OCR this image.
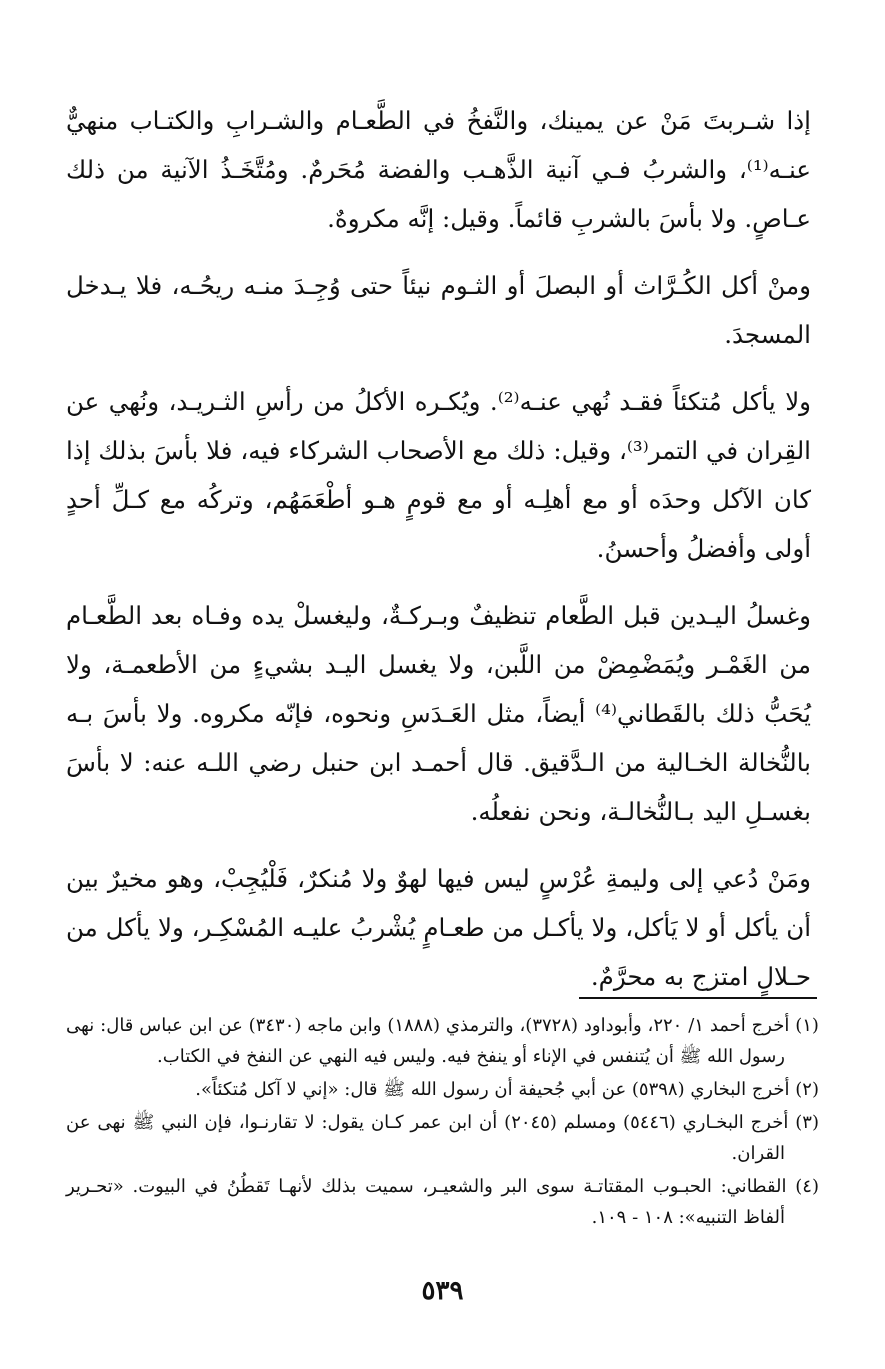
إذا شـربتَ مَنْ عن يمينك، والنَّفخُ في الطَّعـام والشـرابِ والكتـاب منهيٌّ عنـه⁽¹⁾، والشربُ فـي آنية الذَّهـب والفضة مُحَرمٌ. ومُتَّخَـذُ الآنية من ذلك عـاصٍ. ولا بأسَ بالشربِ قائماً. وقيل: إنَّه مكروهٌ.

ومنْ أكل الكُـرَّاث أو البصلَ أو الثـوم نيئاً حتى وُجِـدَ منـه ريحُـه، فلا يـدخل المسجدَ.

ولا يأكل مُتكئاً فقـد نُهي عنـه⁽²⁾. ويُكـره الأكلُ من رأسِ الثـريـد، ونُهي عن القِران في التمر⁽³⁾، وقيل: ذلك مع الأصحاب الشركاء فيه، فلا بأسَ بذلك إذا كان الآكل وحدَه أو مع أهلِـه أو مع قومٍ هـو أطْعَمَهُم، وتركُه مع كـلِّ أحدٍ أولى وأفضلُ وأحسنُ.

وغسلُ اليـدين قبل الطَّعام تنظيفٌ وبـركـةٌ، وليغسلْ يده وفـاه بعد الطَّعـام من الغَمْـر ويُمَضْمِضْ من اللَّبن، ولا يغسل اليـد بشيءٍ من الأطعمـة، ولا يُحَبُّ ذلك بالقَطاني⁽⁴⁾ أيضاً، مثل العَـدَسِ ونحوه، فإنّه مكروه. ولا بأسَ بـه بالنُّخالة الخـالية من الـدَّقيق. قال أحمـد ابن حنبل رضي اللـه عنه: لا بأسَ بغسـلِ اليد بـالنُّخالـة، ونحن نفعلُه.

ومَنْ دُعي إلى وليمةِ عُرْسٍ ليس فيها لهوٌ ولا مُنكرٌ، فَلْيُجِبْ، وهو مخيرٌ بين أن يأكل أو لا يَأكل، ولا يأكـل من طعـامٍ يُشْربُ عليـه المُسْكِـر، ولا يأكل من حـلالٍ امتزج به محرَّمٌ.

(١) أخرج أحمد ١/ ٢٢٠، وأبوداود (٣٧٢٨)، والترمذي (١٨٨٨) وابن ماجه (٣٤٣٠) عن ابن عباس قال: نهى رسول الله ﷺ أن يُتنفس في الإناء أو ينفخ فيه. وليس فيه النهي عن النفخ في الكتاب.

(٢) أخرج البخاري (٥٣٩٨) عن أبي جُحيفة أن رسول الله ﷺ قال: «إني لا آكل مُتكئاً».

(٣) أخرج البخـاري (٥٤٤٦) ومسلم (٢٠٤٥) أن ابن عمر كـان يقول: لا تقارنـوا، فإن النبي ﷺ نهى عن القران.

(٤) القطاني: الحبـوب المقتاتـة سوى البر والشعيـر، سميت بذلك لأنهـا تَقطُنُ في البيوت. «تحـرير ألفاظ التنبيه»: ١٠٨ - ١٠٩.

٥٣٩
